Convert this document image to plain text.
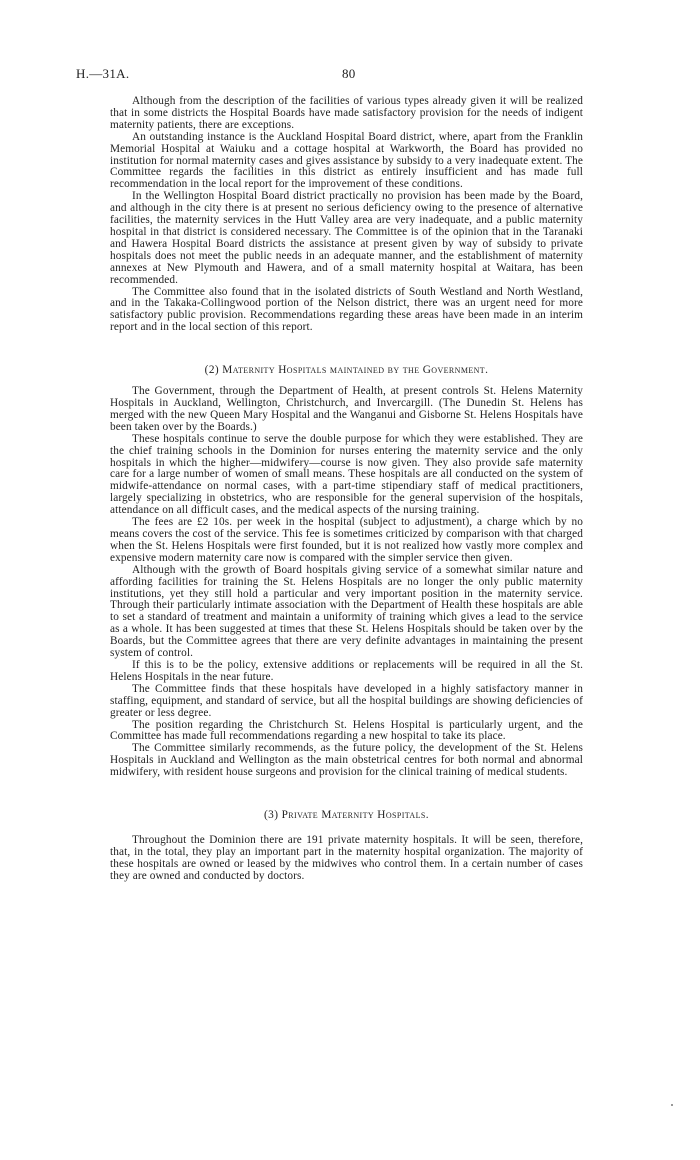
H.—31A.	80

Although from the description of the facilities of various types already given it will be realized that in some districts the Hospital Boards have made satisfactory provision for the needs of indigent maternity patients, there are exceptions.

An outstanding instance is the Auckland Hospital Board district, where, apart from the Franklin Memorial Hospital at Waiuku and a cottage hospital at Warkworth, the Board has provided no institution for normal maternity cases and gives assistance by subsidy to a very inadequate extent. The Committee regards the facilities in this district as entirely insufficient and has made full recommendation in the local report for the improvement of these conditions.

In the Wellington Hospital Board district practically no provision has been made by the Board, and although in the city there is at present no serious deficiency owing to the presence of alternative facilities, the maternity services in the Hutt Valley area are very inadequate, and a public maternity hospital in that district is considered necessary. The Committee is of the opinion that in the Taranaki and Hawera Hospital Board districts the assistance at present given by way of subsidy to private hospitals does not meet the public needs in an adequate manner, and the establishment of maternity annexes at New Plymouth and Hawera, and of a small maternity hospital at Waitara, has been recommended.

The Committee also found that in the isolated districts of South Westland and North Westland, and in the Takaka-Collingwood portion of the Nelson district, there was an urgent need for more satisfactory public provision. Recommendations regarding these areas have been made in an interim report and in the local section of this report.

(2) Maternity Hospitals maintained by the Government.

The Government, through the Department of Health, at present controls St. Helens Maternity Hospitals in Auckland, Wellington, Christchurch, and Invercargill. (The Dunedin St. Helens has merged with the new Queen Mary Hospital and the Wanganui and Gisborne St. Helens Hospitals have been taken over by the Boards.)

These hospitals continue to serve the double purpose for which they were established. They are the chief training schools in the Dominion for nurses entering the maternity service and the only hospitals in which the higher—midwifery—course is now given. They also provide safe maternity care for a large number of women of small means. These hospitals are all conducted on the system of midwife-attendance on normal cases, with a part-time stipendiary staff of medical practitioners, largely specializing in obstetrics, who are responsible for the general supervision of the hospitals, attendance on all difficult cases, and the medical aspects of the nursing training.

The fees are £2 10s. per week in the hospital (subject to adjustment), a charge which by no means covers the cost of the service. This fee is sometimes criticized by comparison with that charged when the St. Helens Hospitals were first founded, but it is not realized how vastly more complex and expensive modern maternity care now is compared with the simpler service then given.

Although with the growth of Board hospitals giving service of a somewhat similar nature and affording facilities for training the St. Helens Hospitals are no longer the only public maternity institutions, yet they still hold a particular and very important position in the maternity service. Through their particularly intimate association with the Department of Health these hospitals are able to set a standard of treatment and maintain a uniformity of training which gives a lead to the service as a whole. It has been suggested at times that these St. Helens Hospitals should be taken over by the Boards, but the Committee agrees that there are very definite advantages in maintaining the present system of control.

If this is to be the policy, extensive additions or replacements will be required in all the St. Helens Hospitals in the near future.

The Committee finds that these hospitals have developed in a highly satisfactory manner in staffing, equipment, and standard of service, but all the hospital buildings are showing deficiencies of greater or less degree.

The position regarding the Christchurch St. Helens Hospital is particularly urgent, and the Committee has made full recommendations regarding a new hospital to take its place.

The Committee similarly recommends, as the future policy, the development of the St. Helens Hospitals in Auckland and Wellington as the main obstetrical centres for both normal and abnormal midwifery, with resident house surgeons and provision for the clinical training of medical students.

(3) Private Maternity Hospitals.

Throughout the Dominion there are 191 private maternity hospitals. It will be seen, therefore, that, in the total, they play an important part in the maternity hospital organization. The majority of these hospitals are owned or leased by the midwives who control them. In a certain number of cases they are owned and conducted by doctors.
